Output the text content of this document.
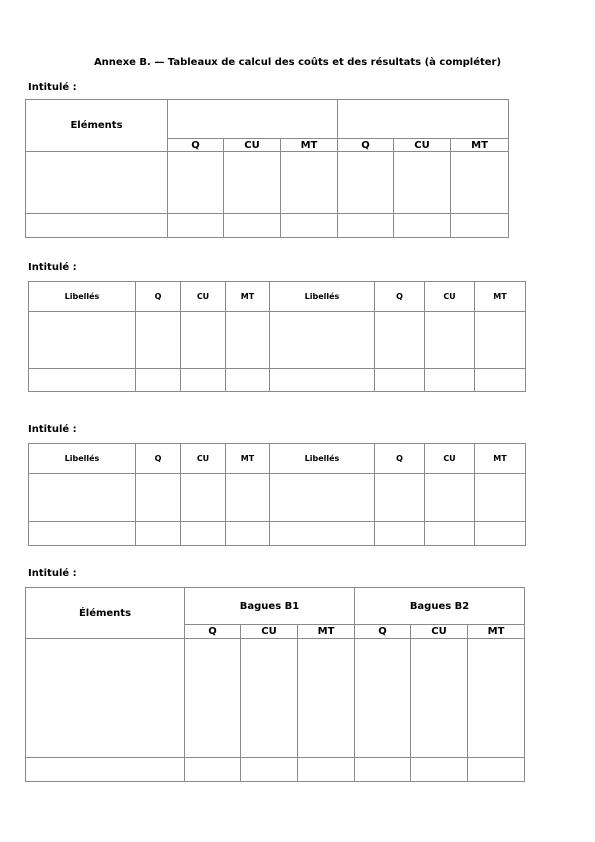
Annexe B. — Tableaux de calcul des coûts et des résultats (à compléter)
Intitulé :
Eléments						
	Q	CU	MT	Q	CU	MT

Intitulé :
Libellés	Q	CU	MT	Libellés	Q	CU	MT

Intitulé :
Libellés	Q	CU	MT	Libellés	Q	CU	MT

Intitulé :
Éléments	Bagues B1			Bagues B2		
	Q	CU	MT	Q	CU	MT
